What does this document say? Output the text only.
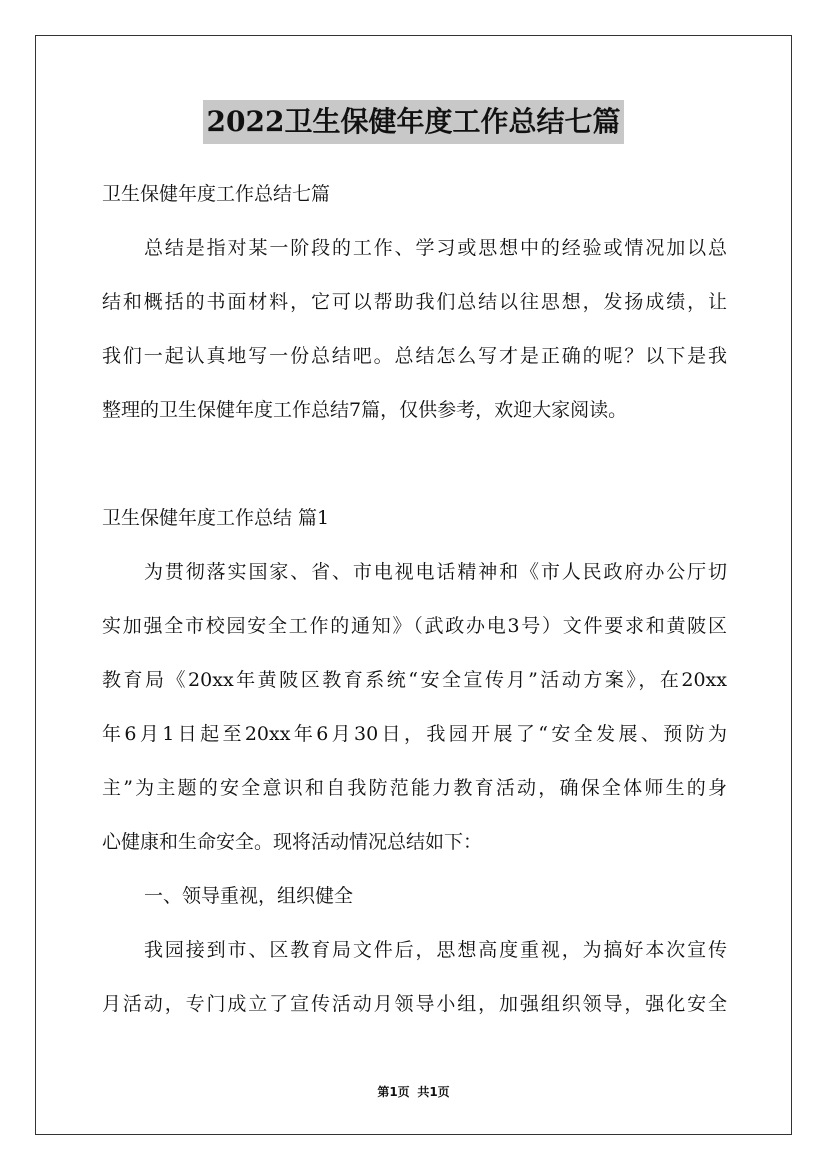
2022卫生保健年度工作总结七篇
卫生保健年度工作总结七篇
总结是指对某一阶段的工作、学习或思想中的经验或情况加以总
结和概括的书面材料，它可以帮助我们总结以往思想，发扬成绩，让
我们一起认真地写一份总结吧。总结怎么写才是正确的呢？以下是我
整理的卫生保健年度工作总结7篇，仅供参考，欢迎大家阅读。
卫生保健年度工作总结 篇1
为贯彻落实国家、省、市电视电话精神和《市人民政府办公厅切
实加强全市校园安全工作的通知》（武政办电3号）文件要求和黄陂区
教育局《20xx年黄陂区教育系统“安全宣传月”活动方案》，在20xx
年6月1日起至20xx年6月30日，我园开展了“安全发展、预防为
主”为主题的安全意识和自我防范能力教育活动，确保全体师生的身
心健康和生命安全。现将活动情况总结如下：
一、领导重视，组织健全
我园接到市、区教育局文件后，思想高度重视，为搞好本次宣传
月活动，专门成立了宣传活动月领导小组，加强组织领导，强化安全
第1页 共1页
